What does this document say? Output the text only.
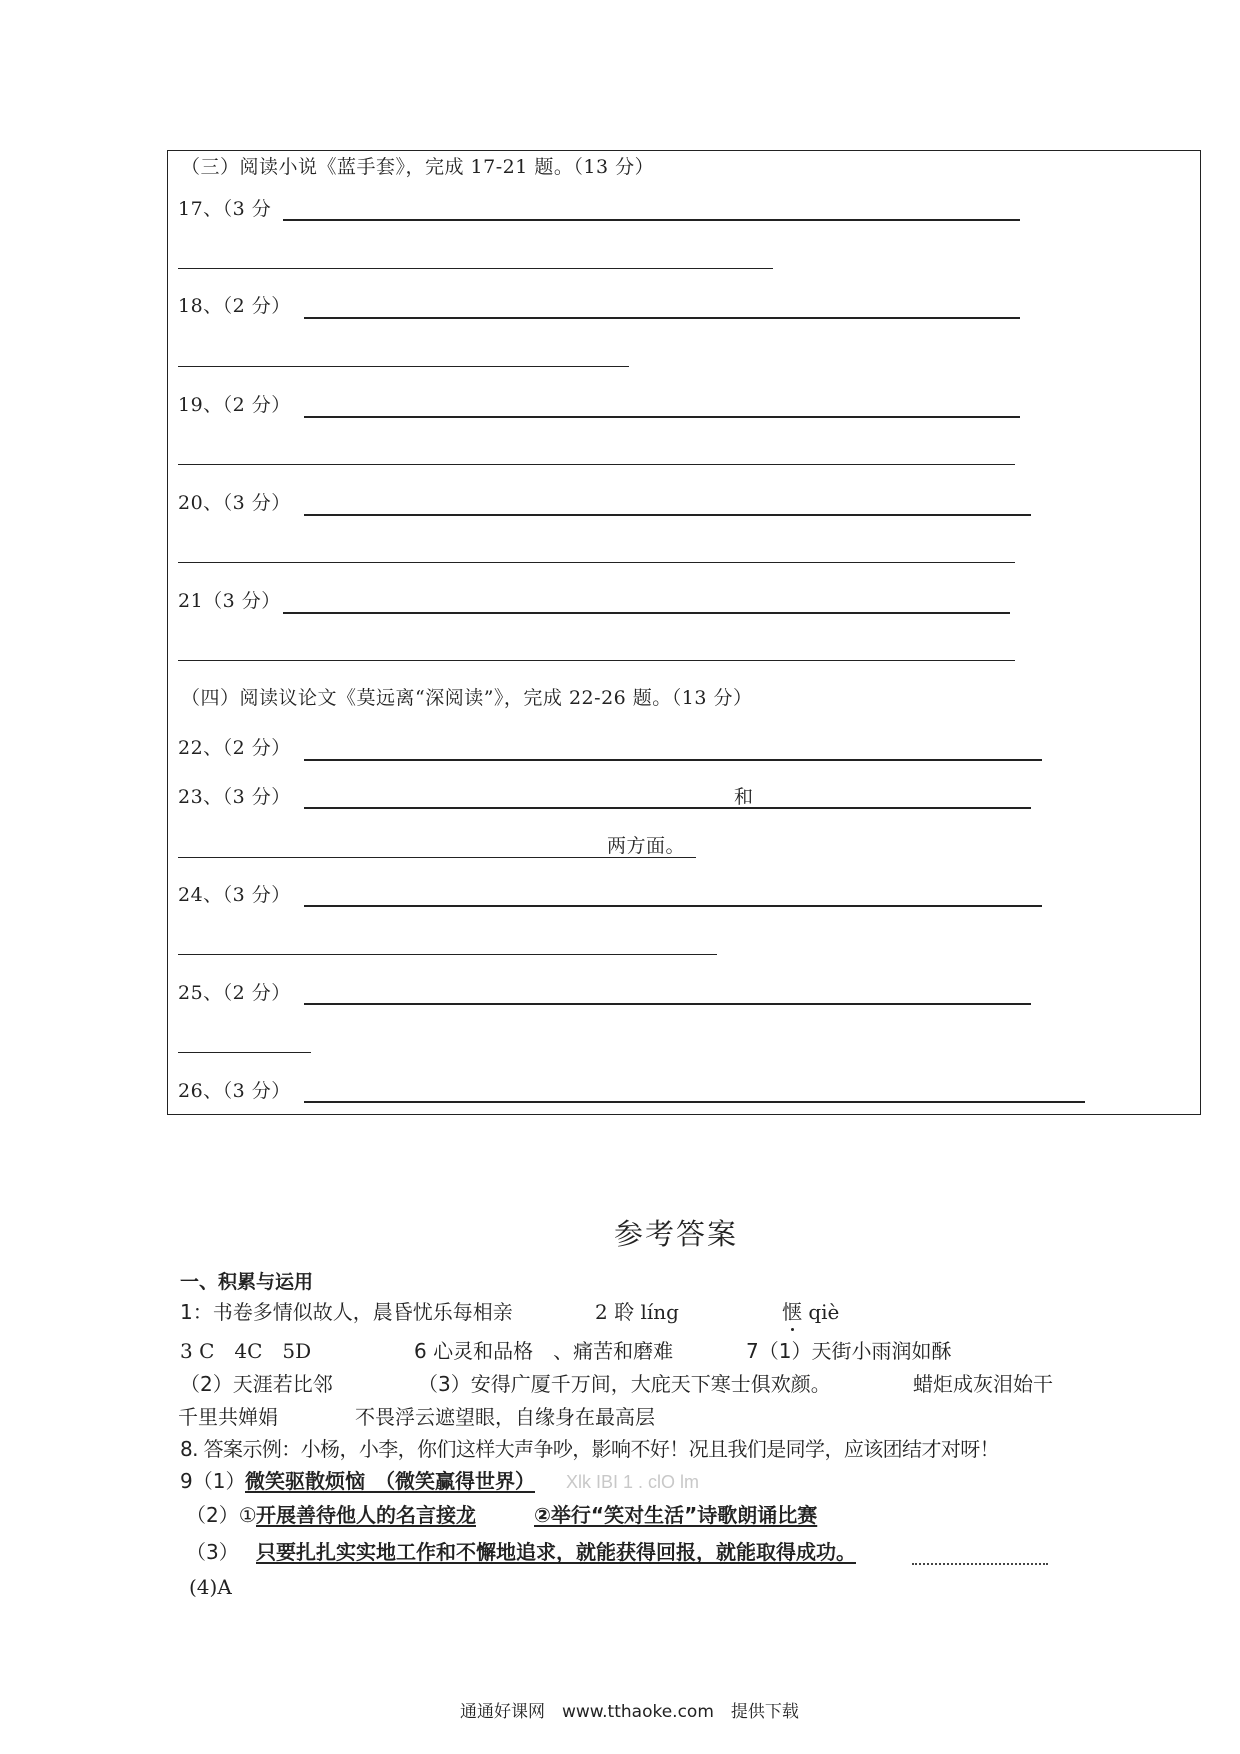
（三）阅读小说《蓝手套》，完成 17-21 题。（13 分）
17、（3 分
18、（2 分）
19、（2 分）
20、（3 分）
21（3 分）
（四）阅读议论文《莫远离“深阅读”》，完成 22-26 题。（13 分）
22、（2 分）
23、（3 分）	和
两方面。
24、（3 分）
25、（2 分）
26、（3 分）
参考答案
一、积累与运用
1：书卷多情似故人，晨昏忧乐每相亲	2 聆 líng	惬 qiè
3 C　4C　5D	6 心灵和品格　、痛苦和磨难	7（1）天街小雨润如酥
（2）天涯若比邻	（3）安得广厦千万间，大庇天下寒士俱欢颜。	蜡炬成灰泪始干
千里共婵娟	不畏浮云遮望眼，自缘身在最高层
8. 答案示例：小杨，小李，你们这样大声争吵，影响不好！况且我们是同学，应该团结才对呀！
9（1） 微笑驱散烦恼　（微笑赢得世界） Xlk IBI 1 . clO lm
（2）① 开展善待他人的名言接龙	②举行“笑对生活”诗歌朗诵比赛
（3） 只要扎扎实实地工作和不懈地追求，就能获得回报，就能取得成功。
(4)A
通通好课网　www.tthaoke.com　提供下载
